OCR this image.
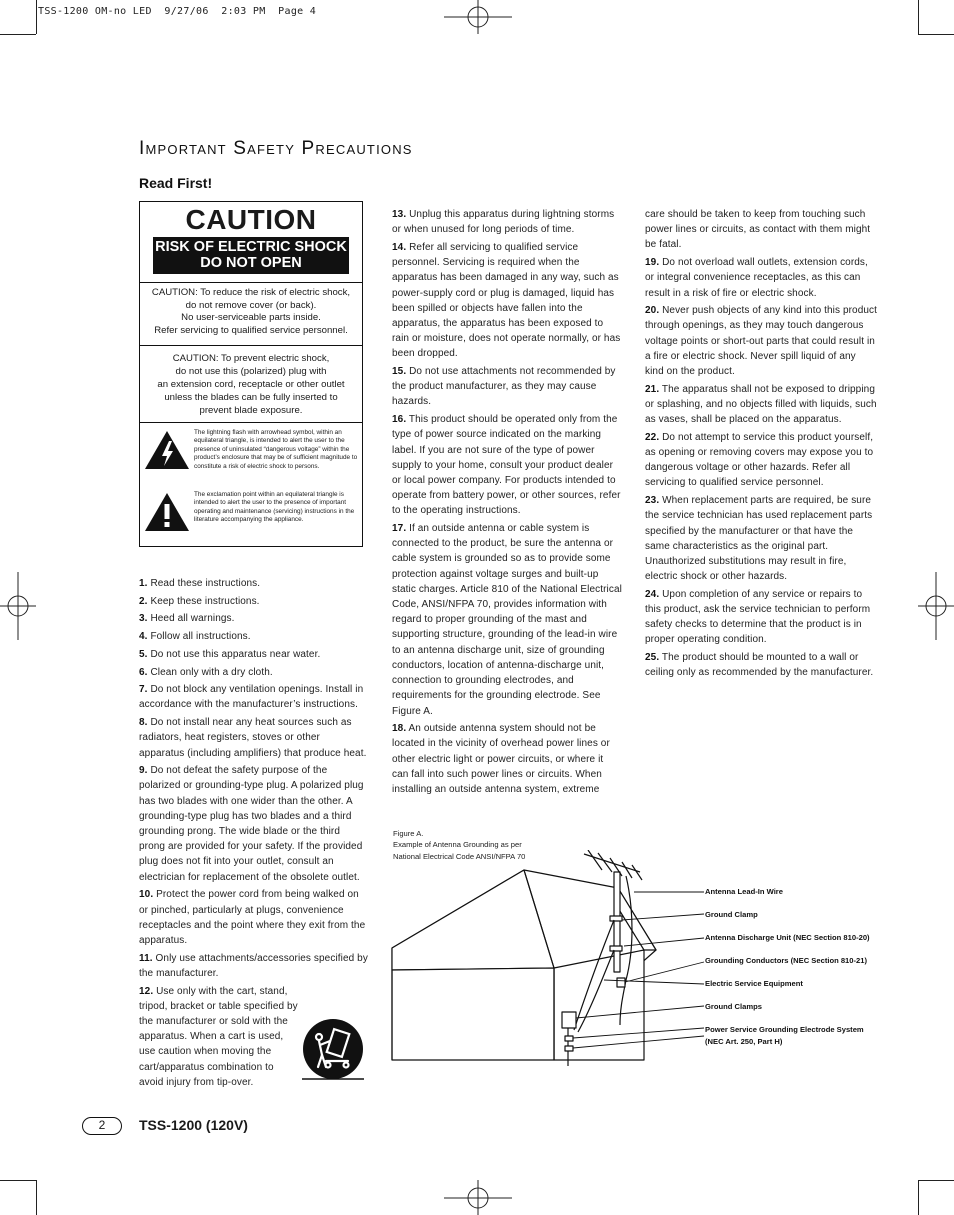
TSS-1200 OM-no LED  9/27/06  2:03 PM  Page 4
Important Safety Precautions
Read First!
CAUTION
RISK OF ELECTRIC SHOCK
DO NOT OPEN
CAUTION: To reduce the risk of electric shock,
do not remove cover (or back).
No user-serviceable parts inside.
Refer servicing to qualified service personnel.
CAUTION: To prevent electric shock,
do not use this (polarized) plug with
an extension cord, receptacle or other outlet
unless the blades can be fully inserted to
prevent blade exposure.
The lightning flash with arrowhead symbol, within an equilateral triangle, is intended to alert the user to the presence of uninsulated “dangerous voltage” within the product’s enclosure that may be of sufficient magnitude to constitute a risk of electric shock to persons.
The exclamation point within an equilateral triangle is intended to alert the user to the presence of important operating and maintenance (servicing) instructions in the literature accompanying the appliance.

1. Read these instructions.

2. Keep these instructions.

3. Heed all warnings.

4. Follow all instructions.

5. Do not use this apparatus near water.

6. Clean only with a dry cloth.

7. Do not block any ventilation openings. Install in accordance with the manufacturer’s instructions.

8. Do not install near any heat sources such as radiators, heat registers, stoves or other apparatus (including amplifiers) that produce heat.

9. Do not defeat the safety purpose of the polarized or grounding-type plug. A polarized plug has two blades with one wider than the other. A grounding-type plug has two blades and a third grounding prong. The wide blade or the third prong are provided for your safety. If the provided plug does not fit into your outlet, consult an electrician for replacement of the obsolete outlet.

10. Protect the power cord from being walked on or pinched, particularly at plugs, convenience receptacles and the point where they exit from the apparatus.

11. Only use attachments/accessories specified by the manufacturer.

12. Use only with the cart, stand, tripod, bracket or table specified by the manufacturer or sold with the apparatus. When a cart is used, use caution when moving the cart/apparatus combination to avoid injury from tip-over.

13. Unplug this apparatus during lightning storms or when unused for long periods of time.

14. Refer all servicing to qualified service personnel. Servicing is required when the apparatus has been damaged in any way, such as power-supply cord or plug is damaged, liquid has been spilled or objects have fallen into the apparatus, the apparatus has been exposed to rain or moisture, does not operate normally, or has been dropped.

15. Do not use attachments not recommended by the product manufacturer, as they may cause hazards.

16. This product should be operated only from the type of power source indicated on the marking label. If you are not sure of the type of power supply to your home, consult your product dealer or local power company. For products intended to operate from battery power, or other sources, refer to the operating instructions.

17. If an outside antenna or cable system is connected to the product, be sure the antenna or cable system is grounded so as to provide some protection against voltage surges and built-up static charges. Article 810 of the National Electrical Code, ANSI/NFPA 70, provides information with regard to proper grounding of the mast and supporting structure, grounding of the lead-in wire to an antenna discharge unit, size of grounding conductors, location of antenna-discharge unit, connection to grounding electrodes, and requirements for the grounding electrode. See Figure A.

18. An outside antenna system should not be located in the vicinity of overhead power lines or other electric light or power circuits, or where it can fall into such power lines or circuits. When installing an outside antenna system, extreme

care should be taken to keep from touching such power lines or circuits, as contact with them might be fatal.

19. Do not overload wall outlets, extension cords, or integral convenience receptacles, as this can result in a risk of fire or electric shock.

20. Never push objects of any kind into this product through openings, as they may touch dangerous voltage points or short-out parts that could result in a fire or electric shock. Never spill liquid of any kind on the product.

21. The apparatus shall not be exposed to dripping or splashing, and no objects filled with liquids, such as vases, shall be placed on the apparatus.

22. Do not attempt to service this product yourself, as opening or removing covers may expose you to dangerous voltage or other hazards. Refer all servicing to qualified service personnel.

23. When replacement parts are required, be sure the service technician has used replacement parts specified by the manufacturer or that have the same characteristics as the original part. Unauthorized substitutions may result in fire, electric shock or other hazards.

24. Upon completion of any service or repairs to this product, ask the service technician to perform safety checks to determine that the product is in proper operating condition.

25. The product should be mounted to a wall or ceiling only as recommended by the manufacturer.

Figure A.
Example of Antenna Grounding as per
National Electrical Code ANSI/NFPA 70
Antenna Lead-In Wire
Ground Clamp
Antenna Discharge Unit (NEC Section 810-20)
Grounding Conductors (NEC Section 810-21)
Electric Service Equipment
Ground Clamps
Power Service Grounding Electrode System
(NEC Art. 250, Part H)
2	TSS-1200 (120V)
